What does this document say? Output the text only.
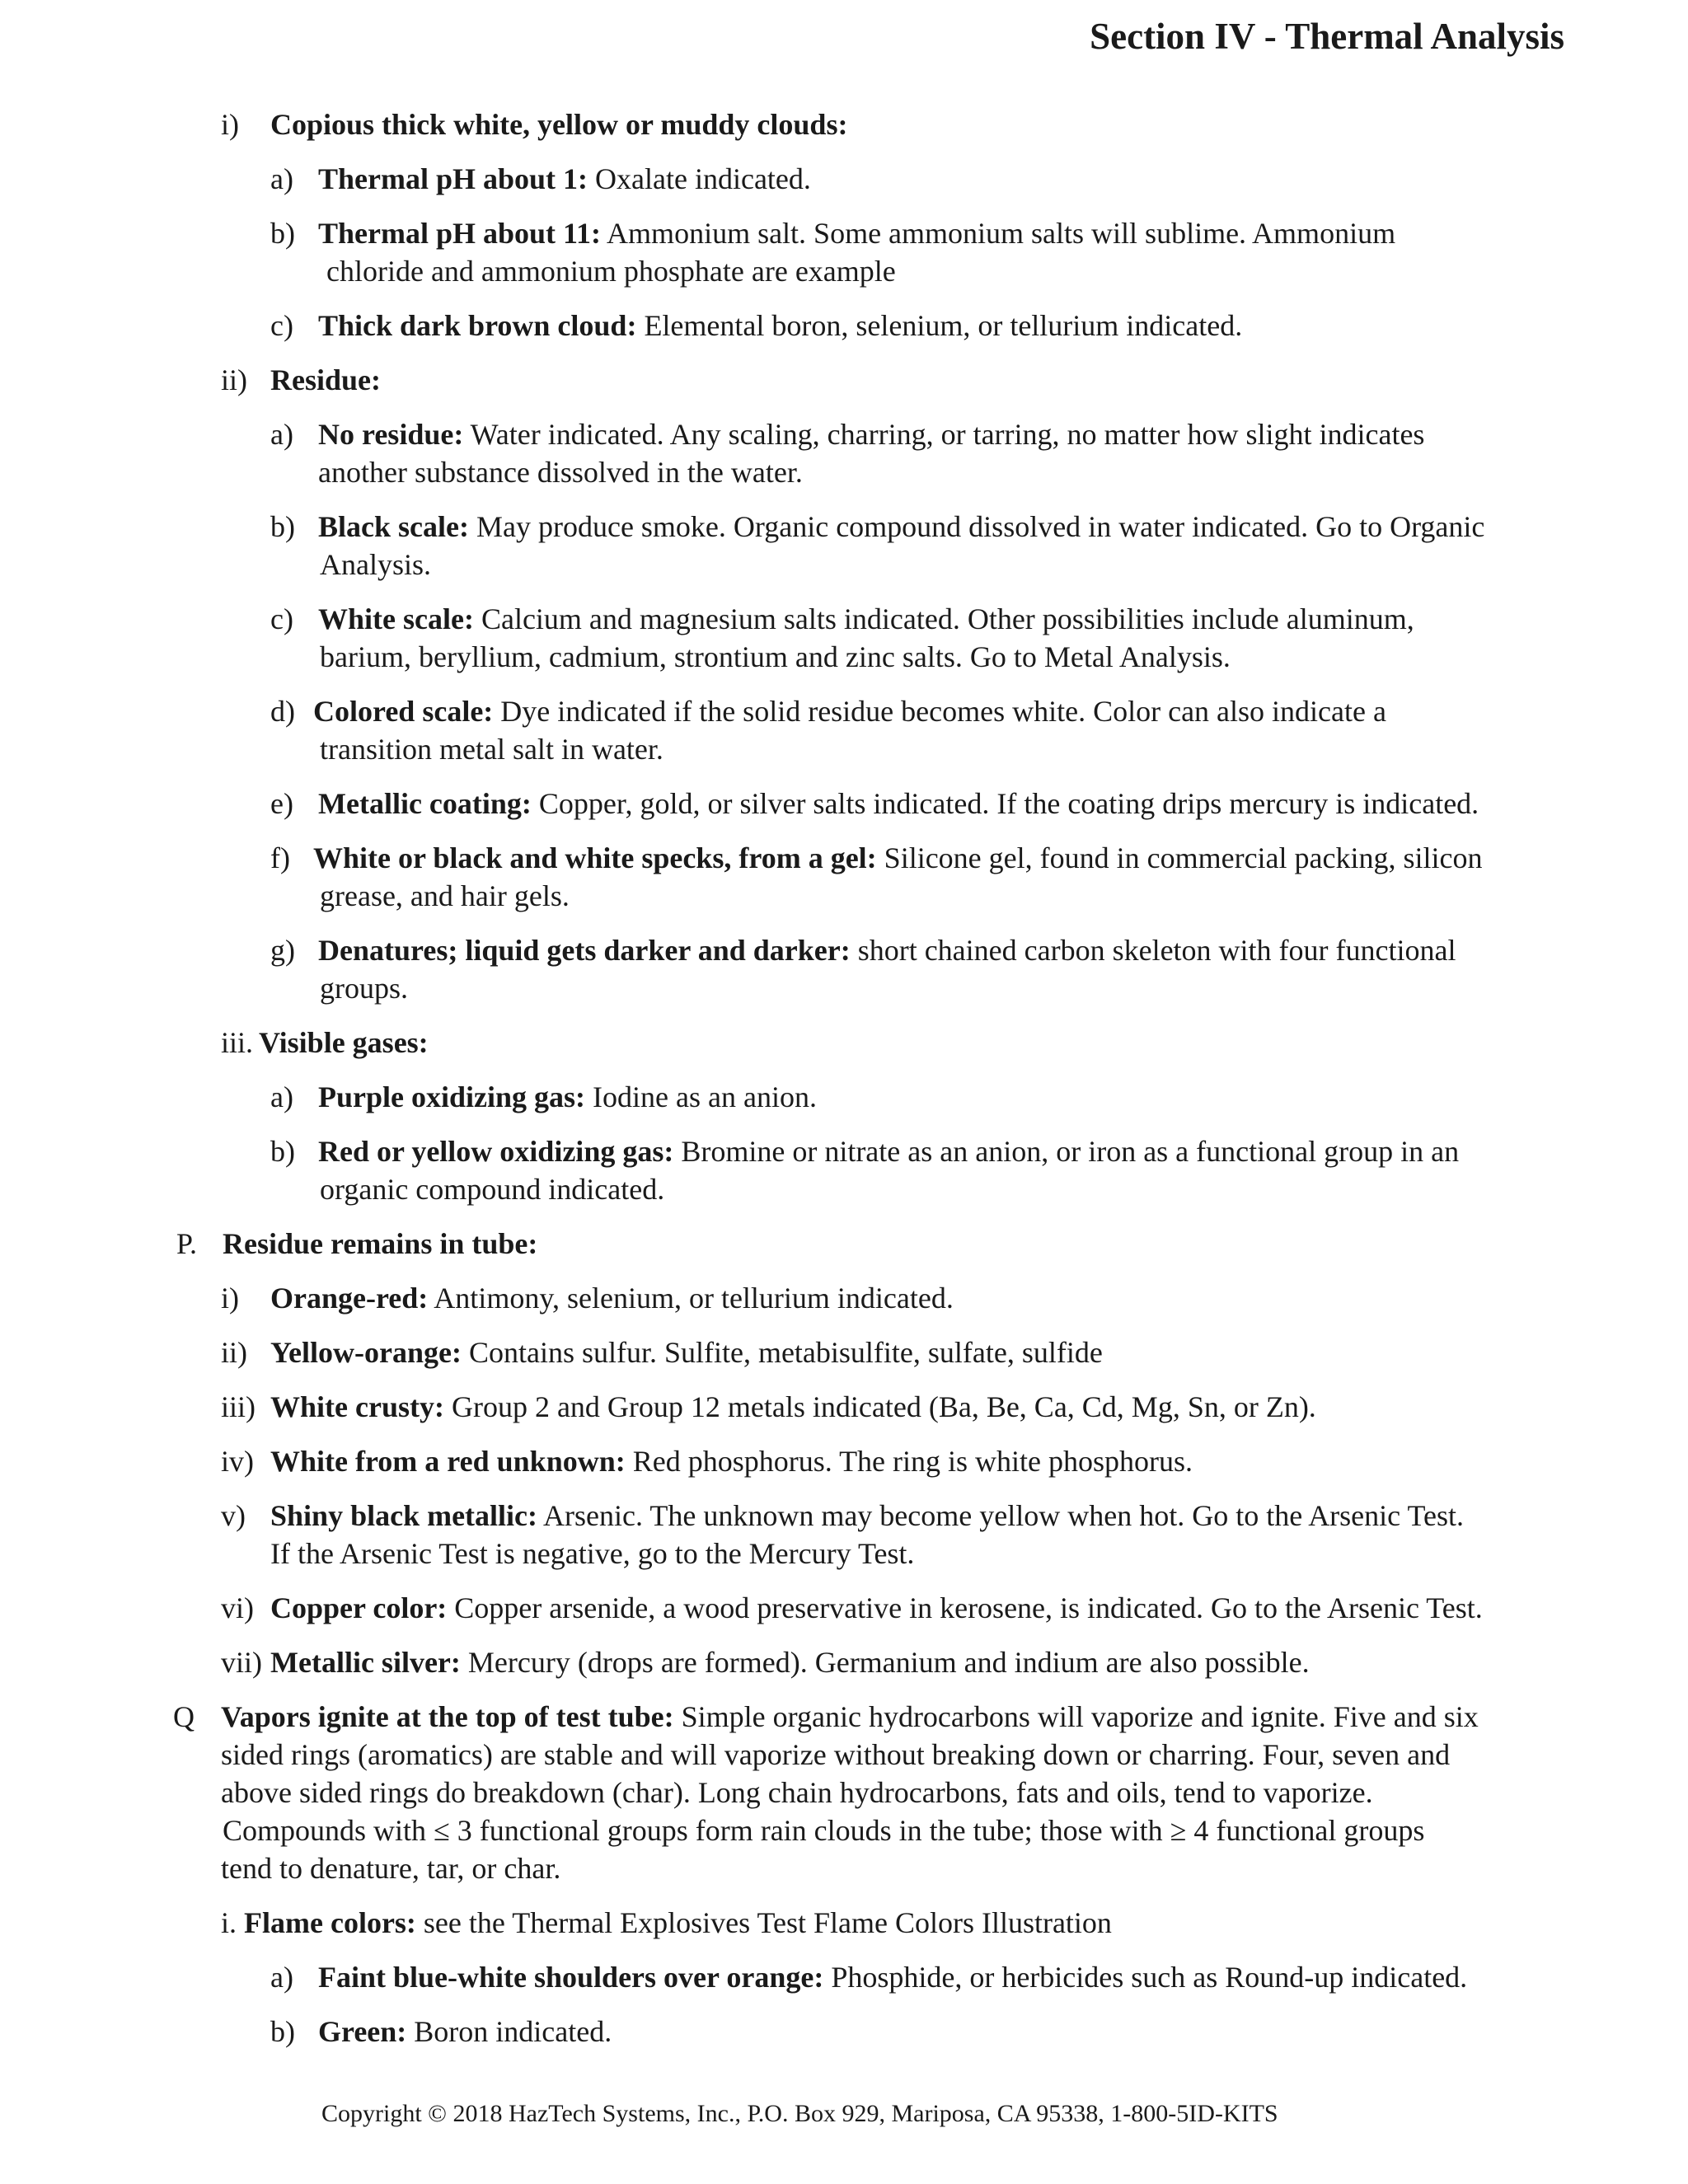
Section IV - Thermal Analysis
i) Copious thick white, yellow or muddy clouds:
a) Thermal pH about 1: Oxalate indicated.
b) Thermal pH about 11: Ammonium salt. Some ammonium salts will sublime. Ammonium
chloride and ammonium phosphate are example
c) Thick dark brown cloud: Elemental boron, selenium, or tellurium indicated.
ii) Residue:
a) No residue: Water indicated. Any scaling, charring, or tarring, no matter how slight indicates
another substance dissolved in the water.
b) Black scale: May produce smoke. Organic compound dissolved in water indicated. Go to Organic
Analysis.
c) White scale: Calcium and magnesium salts indicated. Other possibilities include aluminum,
barium, beryllium, cadmium, strontium and zinc salts. Go to Metal Analysis.
d) Colored scale: Dye indicated if the solid residue becomes white. Color can also indicate a
transition metal salt in water.
e) Metallic coating: Copper, gold, or silver salts indicated. If the coating drips mercury is indicated.
f) White or black and white specks, from a gel: Silicone gel, found in commercial packing, silicon
grease, and hair gels.
g) Denatures; liquid gets darker and darker: short chained carbon skeleton with four functional
groups.
iii. Visible gases:
a) Purple oxidizing gas: Iodine as an anion.
b) Red or yellow oxidizing gas: Bromine or nitrate as an anion, or iron as a functional group in an
organic compound indicated.
P. Residue remains in tube:
i) Orange-red: Antimony, selenium, or tellurium indicated.
ii) Yellow-orange: Contains sulfur. Sulfite, metabisulfite, sulfate, sulfide
iii) White crusty: Group 2 and Group 12 metals indicated (Ba, Be, Ca, Cd, Mg, Sn, or Zn).
iv) White from a red unknown: Red phosphorus. The ring is white phosphorus.
v) Shiny black metallic: Arsenic. The unknown may become yellow when hot. Go to the Arsenic Test.
If the Arsenic Test is negative, go to the Mercury Test.
vi) Copper color: Copper arsenide, a wood preservative in kerosene, is indicated. Go to the Arsenic Test.
vii) Metallic silver: Mercury (drops are formed). Germanium and indium are also possible.
Q Vapors ignite at the top of test tube: Simple organic hydrocarbons will vaporize and ignite. Five and six
sided rings (aromatics) are stable and will vaporize without breaking down or charring. Four, seven and
above sided rings do breakdown (char). Long chain hydrocarbons, fats and oils, tend to vaporize.
Compounds with ≤ 3 functional groups form rain clouds in the tube; those with ≥ 4 functional groups
tend to denature, tar, or char.
i. Flame colors: see the Thermal Explosives Test Flame Colors Illustration
a) Faint blue-white shoulders over orange: Phosphide, or herbicides such as Round-up indicated.
b) Green: Boron indicated.
Copyright © 2018 HazTech Systems, Inc., P.O. Box 929, Mariposa, CA 95338, 1-800-5ID-KITS
